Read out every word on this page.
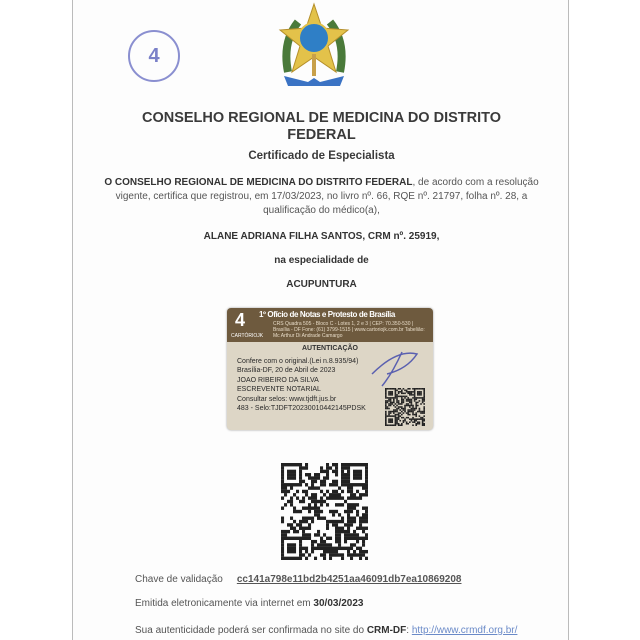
4
CONSELHO REGIONAL DE MEDICINA DO DISTRITO FEDERAL
Certificado de Especialista
O CONSELHO REGIONAL DE MEDICINA DO DISTRITO FEDERAL, de acordo com a resolução vigente, certifica que registrou, em 17/03/2023, no livro nº. 66, RQE nº. 21797, folha nº. 28, a qualificação do médico(a),
ALANE ADRIANA FILHA SANTOS, CRM nº. 25919,
na especialidade de
ACUPUNTURA
4
CARTÓRIOJK
1º Ofício de Notas e Protesto de Brasília
CRS Quadra 505 - Bloco C - Lotes 1, 2 e 3 | CEP: 70.350-530 | Brasília - DF Fone: (61) 3799-1515 | www.cartoriojk.com.br Tabelião: Mc Arthur Di Andrade Camargo
AUTENTICAÇÃO
Confere com o original.(Lei n.8.935/94)
Brasília-DF, 20 de Abril de 2023
JOAO RIBEIRO DA SILVA
ESCREVENTE NOTARIAL
Consultar selos: www.tjdft.jus.br
483 - Selo:TJDFT20230010442145PDSK
Chave de validação cc141a798e11bd2b4251aa46091db7ea10869208
Emitida eletronicamente via internet em 30/03/2023
Sua autenticidade poderá ser confirmada no site do CRM-DF: http://www.crmdf.org.br/
